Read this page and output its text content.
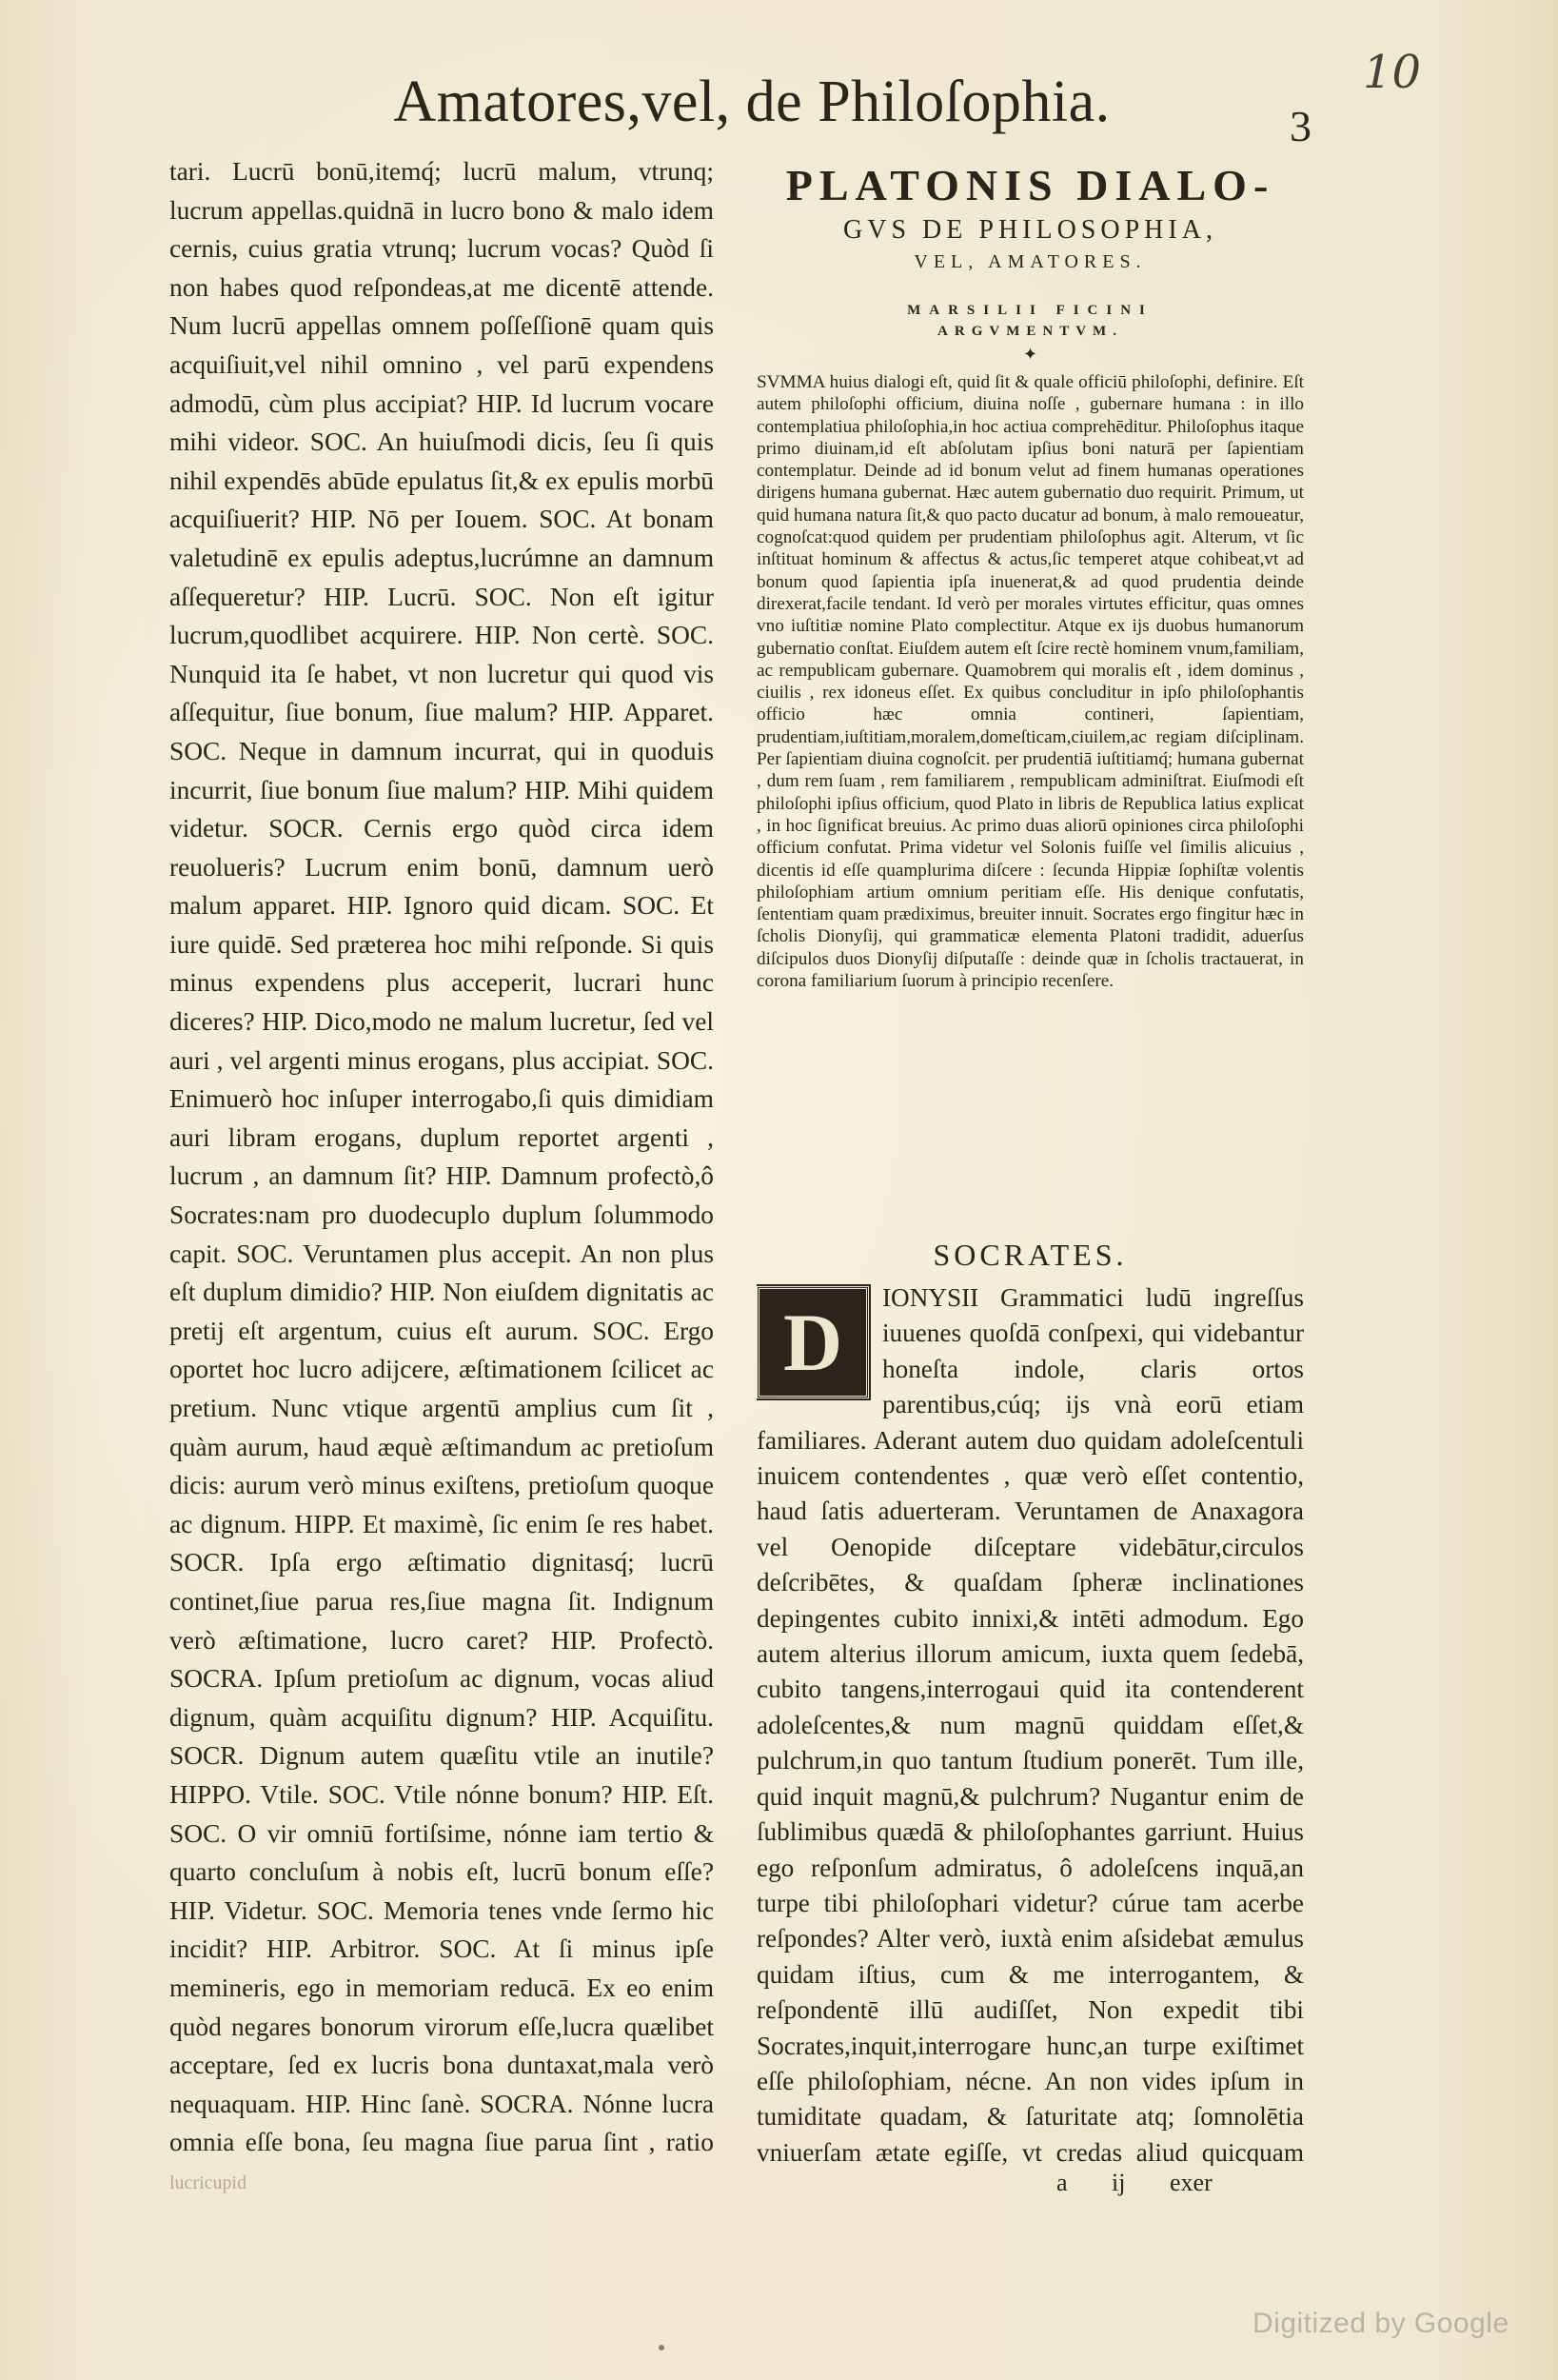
10
Amatores,vel, de Philoſophia.	3

tari. Lucrū bonū,itemq́; lucrū malum, vtrunq; lucrum appellas.quidnā in lucro bono & malo idem cernis, cuius gratia vtrunq; lucrum vocas? Quòd ſi non habes quod reſpondeas,at me dicentē attende. Num lucrū appellas omnem poſſeſſionē quam quis acquiſiuit,vel nihil omnino , vel parū expendens admodū, cùm plus accipiat? HIP. Id lucrum vocare mihi videor. SOC. An huiuſmodi dicis, ſeu ſi quis nihil expendēs abūde epulatus ſit,& ex epulis morbū acquiſiuerit? HIP. Nō per Iouem. SOC. At bonam valetudinē ex epulis adeptus,lucrúmne an damnum aſſequeretur? HIP. Lucrū. SOC. Non eſt igitur lucrum,quodlibet acquirere. HIP. Non certè. SOC. Nunquid ita ſe habet, vt non lucretur qui quod vis aſſequitur, ſiue bonum, ſiue malum? HIP. Apparet. SOC. Neque in damnum incurrat, qui in quoduis incurrit, ſiue bonum ſiue malum? HIP. Mihi quidem videtur. SOCR. Cernis ergo quòd circa idem reuolueris? Lucrum enim bonū, damnum uerò malum apparet. HIP. Ignoro quid dicam. SOC. Et iure quidē. Sed præterea hoc mihi reſponde. Si quis minus expendens plus acceperit, lucrari hunc diceres? HIP. Dico,modo ne malum lucretur, ſed vel auri , vel argenti minus erogans, plus accipiat. SOC. Enimuerò hoc inſuper interrogabo,ſi quis dimidiam auri libram erogans, duplum reportet argenti , lucrum , an damnum ſit? HIP. Damnum profectò,ô Socrates:nam pro duodecuplo duplum ſolummodo capit. SOC. Veruntamen plus accepit. An non plus eſt duplum dimidio? HIP. Non eiuſdem dignitatis ac pretij eſt argentum, cuius eſt aurum. SOC. Ergo oportet hoc lucro adijcere, æſtimationem ſcilicet ac pretium. Nunc vtique argentū amplius cum ſit , quàm aurum, haud æquè æſtimandum ac pretioſum dicis: aurum verò minus exiſtens, pretioſum quoque ac dignum. HIPP. Et maximè, ſic enim ſe res habet. SOCR. Ipſa ergo æſtimatio dignitasq́; lucrū continet,ſiue parua res,ſiue magna ſit. Indignum verò æſtimatione, lucro caret? HIP. Profectò. SOCRA. Ipſum pretioſum ac dignum, vocas aliud dignum, quàm acquiſitu dignum? HIP. Acquiſitu. SOCR. Dignum autem quæſitu vtile an inutile? HIPPO. Vtile. SOC. Vtile nónne bonum? HIP. Eſt. SOC. O vir omniū fortiſsime, nónne iam tertio & quarto concluſum à nobis eſt, lucrū bonum eſſe? HIP. Videtur. SOC. Memoria tenes vnde ſermo hic incidit? HIP. Arbitror. SOC. At ſi minus ipſe memineris, ego in memoriam reducā. Ex eo enim quòd negares bonorum virorum eſſe,lucra quælibet acceptare, ſed ex lucris bona duntaxat,mala verò nequaquam. HIP. Hinc ſanè. SOCRA. Nónne lucra omnia eſſe bona, ſeu magna ſiue parua ſint , ratio

lucricupid
PLATONIS DIALO-
GVS DE PHILOSOPHIA,
VEL, AMATORES.
MARSILII FICINI
ARGVMENTVM.
✦

SVMMA huius dialogi eſt, quid ſit & quale officiū philoſophi, definire. Eſt autem philoſophi officium, diuina noſſe , gubernare humana : in illo contemplatiua philoſophia,in hoc actiua comprehēditur. Philoſophus itaque primo diuinam,id eſt abſolutam ipſius boni naturā per ſapientiam contemplatur. Deinde ad id bonum velut ad finem humanas operationes dirigens humana gubernat. Hæc autem gubernatio duo requirit. Primum, ut quid humana natura ſit,& quo pacto ducatur ad bonum, à malo remoueatur, cognoſcat:quod quidem per prudentiam philoſophus agit. Alterum, vt ſic inſtituat hominum & affectus & actus,ſic temperet atque cohibeat,vt ad bonum quod ſapientia ipſa inuenerat,& ad quod prudentia deinde direxerat,facile tendant. Id verò per morales virtutes efficitur, quas omnes vno iuſtitiæ nomine Plato complectitur. Atque ex ijs duobus humanorum gubernatio conſtat. Eiuſdem autem eſt ſcire rectè hominem vnum,familiam, ac rempublicam gubernare. Quamobrem qui moralis eſt , idem dominus , ciuilis , rex idoneus eſſet. Ex quibus concluditur in ipſo philoſophantis officio hæc omnia contineri, ſapientiam, prudentiam,iuſtitiam,moralem,domeſticam,ciuilem,ac regiam diſciplinam. Per ſapientiam diuina cognoſcit. per prudentiā iuſtitiamq́; humana gubernat , dum rem ſuam , rem familiarem , rempublicam adminiſtrat. Eiuſmodi eſt philoſophi ipſius officium, quod Plato in libris de Republica latius explicat , in hoc ſignificat breuius. Ac primo duas aliorū opiniones circa philoſophi officium confutat. Prima videtur vel Solonis fuiſſe vel ſimilis alicuius , dicentis id eſſe quamplurima diſcere : ſecunda Hippiæ ſophiſtæ volentis philoſophiam artium omnium peritiam eſſe. His denique confutatis, ſententiam quam prædiximus, breuiter innuit. Socrates ergo fingitur hæc in ſcholis Dionyſij, qui grammaticæ elementa Platoni tradidit, aduerſus diſcipulos duos Dionyſij diſputaſſe : deinde quæ in ſcholis tractauerat, in corona familiarium ſuorum à principio recenſere.

SOCRATES.
D	IONYSII Grammatici ludū ingreſſus iuuenes quoſdā conſpexi, qui videbantur honeſta indole, claris ortos parentibus,cúq; ijs vnà eorū etiam familiares. Aderant autem duo quidam adoleſcentuli inuicem contendentes , quæ verò eſſet contentio, haud ſatis aduerteram. Veruntamen de Anaxagora vel Oenopide diſceptare videbātur,circulos deſcribētes, & quaſdam ſpheræ inclinationes depingentes cubito innixi,& intēti admodum. Ego autem alterius illorum amicum, iuxta quem ſedebā, cubito tangens,interrogaui quid ita contenderent adoleſcentes,& num magnū quiddam eſſet,& pulchrum,in quo tantum ſtudium ponerēt. Tum ille, quid inquit magnū,& pulchrum? Nugantur enim de ſublimibus quædā & philoſophantes garriunt. Huius ego reſponſum admiratus, ô adoleſcens inquā,an turpe tibi philoſophari videtur? cúrue tam acerbe reſpondes? Alter verò, iuxtà enim aſsidebat æmulus quidam iſtius, cum & me interrogantem, & reſpondentē illū audiſſet, Non expedit tibi Socrates,inquit,interrogare hunc,an turpe exiſtimet eſſe philoſophiam, nécne. An non vides ipſum in tumiditate quadam, & ſaturitate atq; ſomnolētia vniuerſam ætate egiſſe, vt credas aliud quicquam

a ij exer
Digitized by Google
